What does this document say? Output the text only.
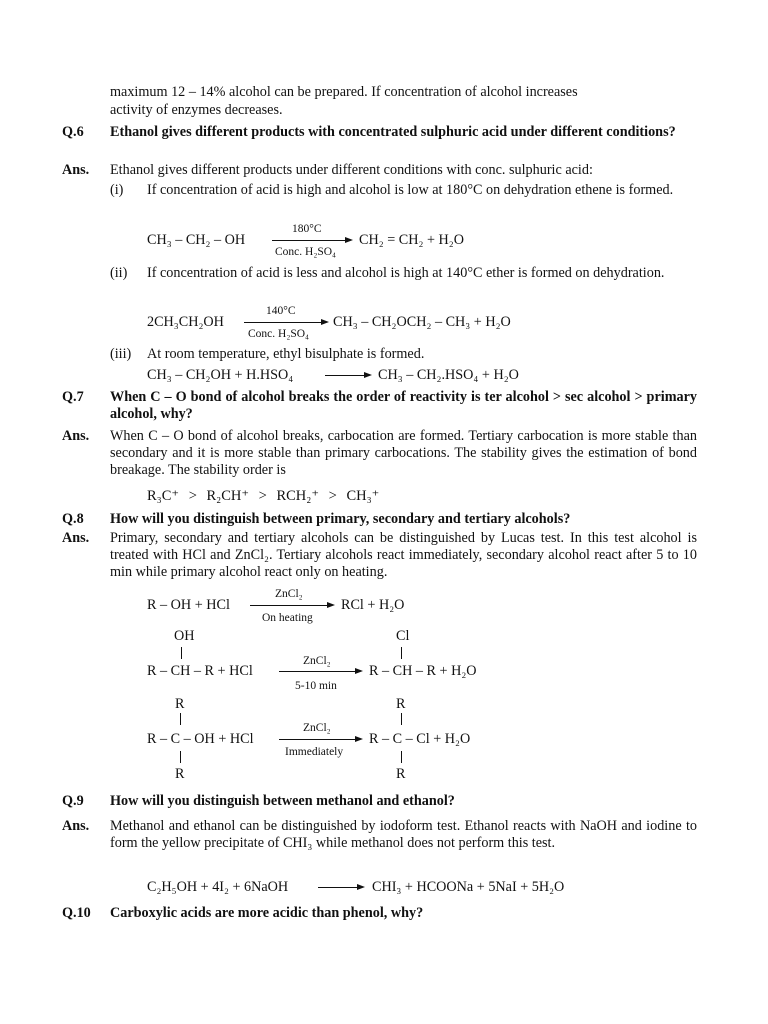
maximum 12 – 14% alcohol can be prepared. If concentration of alcohol increases
activity of enzymes decreases.
Q.6 Ethanol gives different products with concentrated sulphuric acid under different conditions?
Ans. Ethanol gives different products under different conditions with conc. sulphuric acid:
(i) If concentration of acid is high and alcohol is low at 180°C on dehydration ethene is formed.
CH₃ – CH₂ – OH
180°C
Conc. H₂SO₄
CH₂ = CH₂ + H₂O
(ii) If concentration of acid is less and alcohol is high at 140°C ether is formed on dehydration.
2CH₃CH₂OH
140°C
Conc. H₂SO₄
CH₃ – CH₂OCH₂ – CH₃ + H₂O
(iii) At room temperature, ethyl bisulphate is formed.
CH₃ – CH₂OH + H.HSO₄	CH₃ – CH₂.HSO₄ + H₂O
Q.7 When C – O bond of alcohol breaks the order of reactivity is ter alcohol > sec alcohol > primary alcohol, why?
Ans. When C – O bond of alcohol breaks, carbocation are formed. Tertiary carbocation is more stable than secondary and it is more stable than primary carbocations. The stability gives the estimation of bond breakage. The stability order is
R₃C⁺ > R₂CH⁺ > RCH₂⁺ > CH₃⁺
Q.8 How will you distinguish between primary, secondary and tertiary alcohols?
Ans. Primary, secondary and tertiary alcohols can be distinguished by Lucas test. In this test alcohol is treated with HCl and ZnCl₂. Tertiary alcohols react immediately, secondary alcohol react after 5 to 10 min while primary alcohol react only on heating.
R – OH + HCl
ZnCl₂
On heating
RCl + H₂O
OH
R – CH – R + HCl
ZnCl₂
5-10 min
Cl
R – CH – R + H₂O
R
R – C – OH + HCl
R
ZnCl₂
Immediately
R
R – C – Cl + H₂O
R
Q.9 How will you distinguish between methanol and ethanol?
Ans. Methanol and ethanol can be distinguished by iodoform test. Ethanol reacts with NaOH and iodine to form the yellow precipitate of CHI₃ while methanol does not perform this test.
C₂H₅OH + 4I₂ + 6NaOH	CHI₃ + HCOONa + 5NaI + 5H₂O
Q.10 Carboxylic acids are more acidic than phenol, why?
